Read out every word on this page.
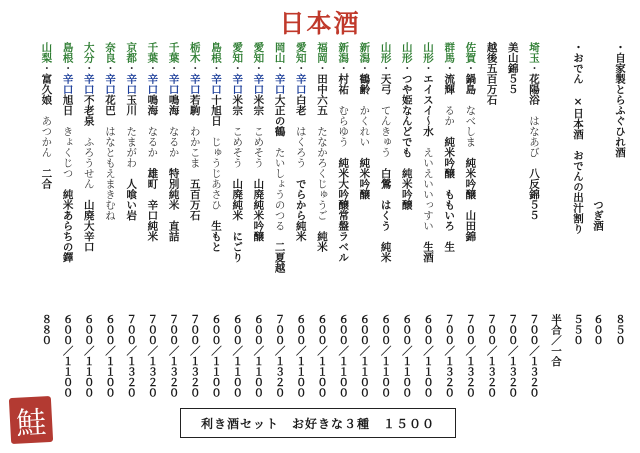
日本酒
・自家製とらふぐひれ酒
８５０
　　　　　　　　　　　　　　　つぎ酒
６００
・おでん ×日本酒　おでんの出汁割り
５５０
半合／一合
埼玉・花陽浴　はなあび　八反錦５５
７００／１３２０
美山錦５５
７００／１３２０
越後五百万石
７００／１３２０
佐賀・鍋島　なべしま　純米吟醸　山田錦
７００／１３２０
群馬・流輝　るか　純米吟醸　ももいろ　生
７００／１３２０
山形・エイスイ～水　えいえいいっすい　生酒
６００／１１００
山形・つや姫なんどでも　純米吟醸
６００／１１００
山形・天弓　てんきゅう　白鶯　はくう　純米
６００／１１００
新潟・鶴齢　かくれい　純米吟醸
６００／１１００
新潟・村祐　むらゆう　純米大吟醸常盤ラベル
６００／１１００
福岡・田中六五　たなかろくじゅうご　純米
６００／１１００
愛知・辛口白老　はくろう　でらから純米
６００／１１００
岡山・辛口大正の鶴　たいしょうのつる　二夏越
７００／１３２０
愛知・辛口米宗　こめそう　山廃純米吟醸
６００／１１００
愛知・辛口米宗　こめそう　山廃純米　にごり
６００／１１００
島根・辛口十旭日　じゅうじあさひ　生もと
６００／１１００
栃木・辛口若駒　わかこま　五百万石
７００／１３２０
千葉・辛口鳴海　なるか　特別純米　直詰
７００／１３２０
千葉・辛口鳴海　なるか　雄町　辛口純米
７００／１３２０
京都・辛口玉川　たまがわ　人喰い岩
７００／１３２０
奈良・辛口花巴　はなともえまきむね　
６００／１１００
大分・辛口不老泉　ふろうせん　山廃大辛口
６００／１１００
島根・辛口旭日　きょくじつ　純米あらちの鐸
６００／１１００
山梨・富久娘　あつかん　二合
８８０
利き酒セット　お好きな３種　１５００
鮭
